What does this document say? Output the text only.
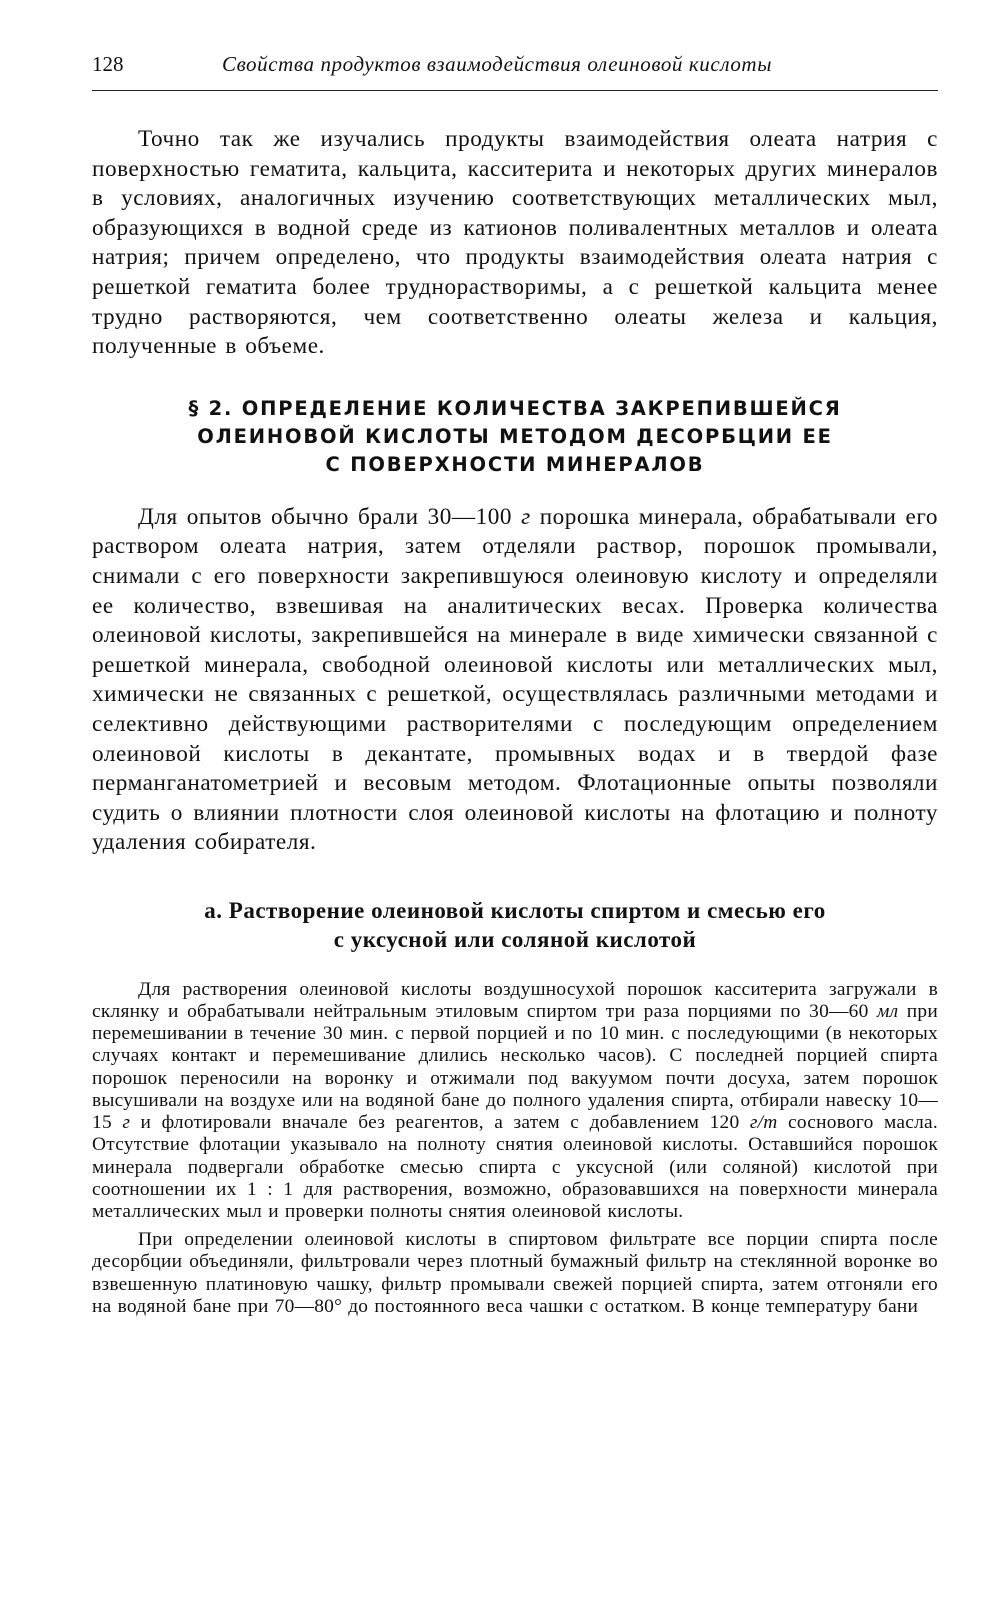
128	Свойства продуктов взаимодействия олеиновой кислоты

Точно так же изучались продукты взаимодействия олеата натрия с поверхностью гематита, кальцита, касситерита и некоторых других минералов в условиях, аналогичных изучению соответствующих металлических мыл, образующихся в водной среде из катионов поливалентных металлов и олеата натрия; причем определено, что продукты взаимодействия олеата натрия с решеткой гематита более труднорастворимы, а с решеткой кальцита менее трудно растворяются, чем соответственно олеаты железа и кальция, полученные в объеме.

§ 2. ОПРЕДЕЛЕНИЕ КОЛИЧЕСТВА ЗАКРЕПИВШЕЙСЯ
ОЛЕИНОВОЙ КИСЛОТЫ МЕТОДОМ ДЕСОРБЦИИ ЕЕ
С ПОВЕРХНОСТИ МИНЕРАЛОВ

Для опытов обычно брали 30—100 г порошка минерала, обрабатывали его раствором олеата натрия, затем отделяли раствор, порошок промывали, снимали с его поверхности закрепившуюся олеиновую кислоту и определяли ее количество, взвешивая на аналитических весах. Проверка количества олеиновой кислоты, закрепившейся на минерале в виде химически связанной с решеткой минерала, свободной олеиновой кислоты или металлических мыл, химически не связанных с решеткой, осуществлялась различными методами и селективно действующими растворителями с последующим определением олеиновой кислоты в декантате, промывных водах и в твердой фазе перманганатометрией и весовым методом. Флотационные опыты позволяли судить о влиянии плотности слоя олеиновой кислоты на флотацию и полноту удаления собирателя.

а. Растворение олеиновой кислоты спиртом и смесью его
с уксусной или соляной кислотой

Для растворения олеиновой кислоты воздушносухой порошок касситерита загружали в склянку и обрабатывали нейтральным этиловым спиртом три раза порциями по 30—60 мл при перемешивании в течение 30 мин. с первой порцией и по 10 мин. с последующими (в некоторых случаях контакт и перемешивание длились несколько часов). С последней порцией спирта порошок переносили на воронку и отжимали под вакуумом почти досуха, затем порошок высушивали на воздухе или на водяной бане до полного удаления спирта, отбирали навеску 10—15 г и флотировали вначале без реагентов, а затем с добавлением 120 г/т соснового масла. Отсутствие флотации указывало на полноту снятия олеиновой кислоты. Оставшийся порошок минерала подвергали обработке смесью спирта с уксусной (или соляной) кислотой при соотношении их 1 : 1 для растворения, возможно, образовавшихся на поверхности минерала металлических мыл и проверки полноты снятия олеиновой кислоты.

При определении олеиновой кислоты в спиртовом фильтрате все порции спирта после десорбции объединяли, фильтровали через плотный бумажный фильтр на стеклянной воронке во взвешенную платиновую чашку, фильтр промывали свежей порцией спирта, затем отгоняли его на водяной бане при 70—80° до постоянного веса чашки с остатком. В конце температуру бани
